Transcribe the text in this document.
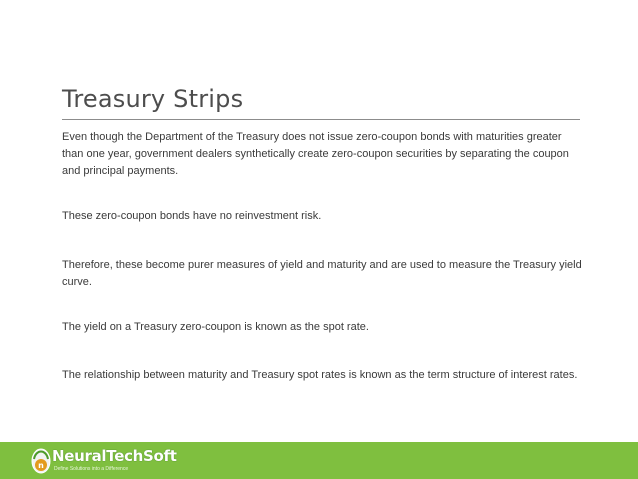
Treasury Strips
Even though the Department of the Treasury does not issue zero-coupon bonds with maturities greater than one year, government dealers synthetically create zero-coupon securities by separating the coupon and principal payments.
These zero-coupon bonds have no reinvestment risk.
Therefore, these become purer measures of yield and maturity and are used to measure the Treasury yield curve.
The yield on a Treasury zero-coupon is known as the spot rate.
The relationship between maturity and Treasury spot rates is known as the term structure of interest rates.
n
NeuralTechSoft
Define Solutions into a Difference
